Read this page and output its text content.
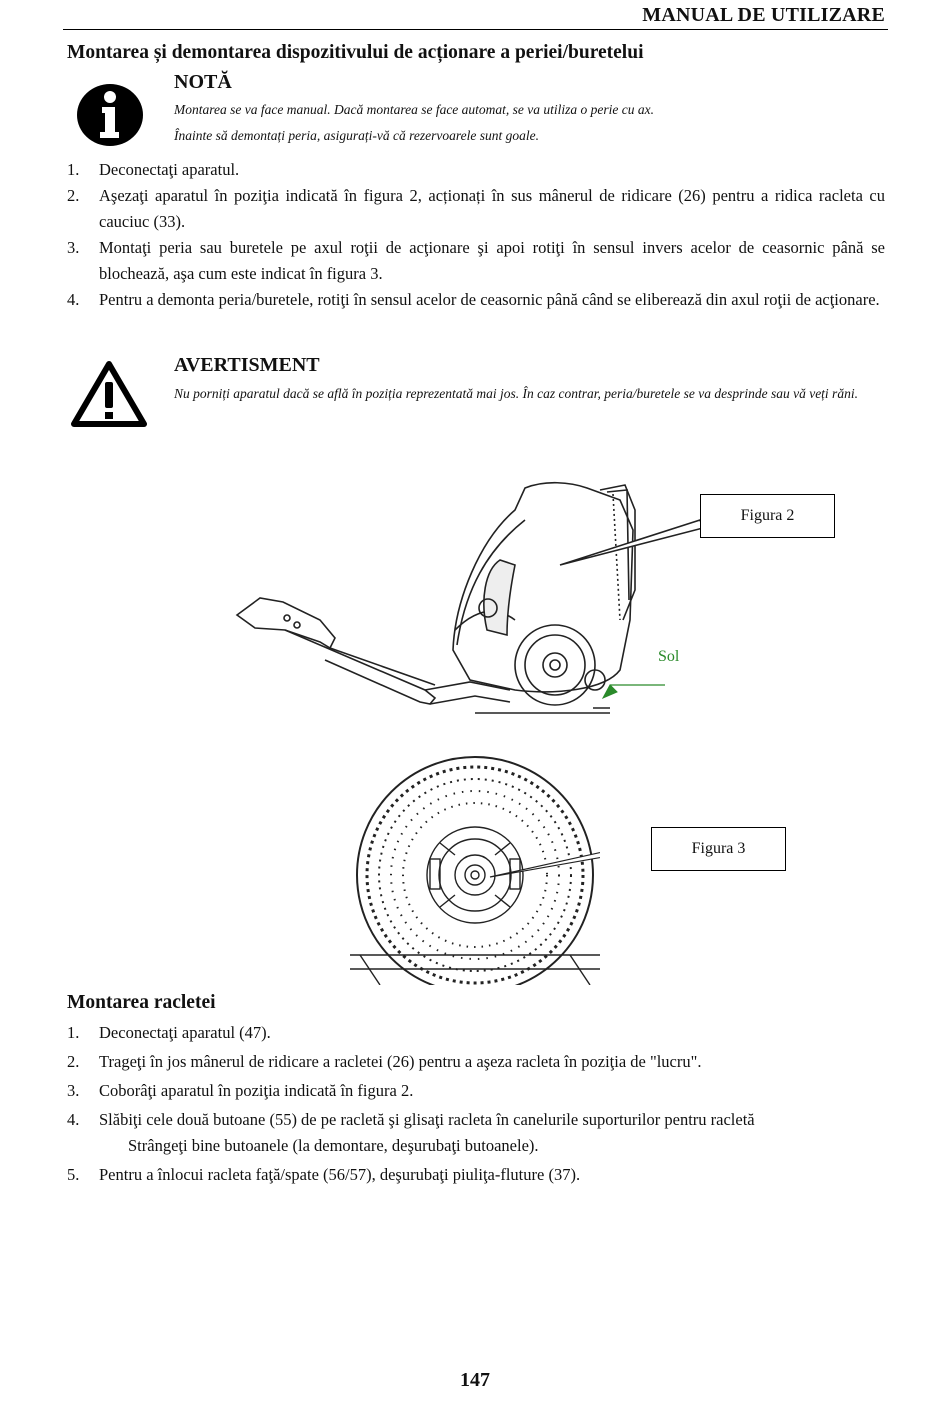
MANUAL DE UTILIZARE
Montarea și demontarea dispozitivului de acționare a periei/buretelui
NOTĂ
Montarea se va face manual. Dacă montarea se face automat, se va utiliza o perie cu ax.
Înainte să demontați peria, asigurați-vă că rezervoarele sunt goale.
1. Deconectaţi aparatul.
2. Aşezaţi aparatul în poziţia indicată în figura 2, acționați în sus mânerul de ridicare (26) pentru a ridica racleta cu cauciuc (33).
3. Montaţi peria sau buretele pe axul roţii de acţionare şi apoi rotiţi în sensul invers acelor de ceasornic până se blochează, aşa cum este indicat în figura 3.
4. Pentru a demonta peria/buretele, rotiţi în sensul acelor de ceasornic până când se eliberează din axul roţii de acţionare.
AVERTISMENT
Nu porniți aparatul dacă se află în poziția reprezentată mai jos. În caz contrar, peria/buretele se va desprinde sau vă veți răni.
Sol
Figura 2
Figura 3
Montarea racletei
1. Deconectaţi aparatul (47).
2. Trageţi în jos mânerul de ridicare a racletei (26) pentru a aşeza racleta în poziţia de "lucru".
3. Coborâţi aparatul în poziţia indicată în figura 2.
4. Slăbiţi cele două butoane (55) de pe racletă şi glisaţi racleta în canelurile suporturilor pentru racletă
Strângeţi bine butoanele (la demontare, deşurubaţi butoanele).
5. Pentru a înlocui racleta faţă/spate (56/57), deşurubaţi piuliţa-fluture (37).
147
